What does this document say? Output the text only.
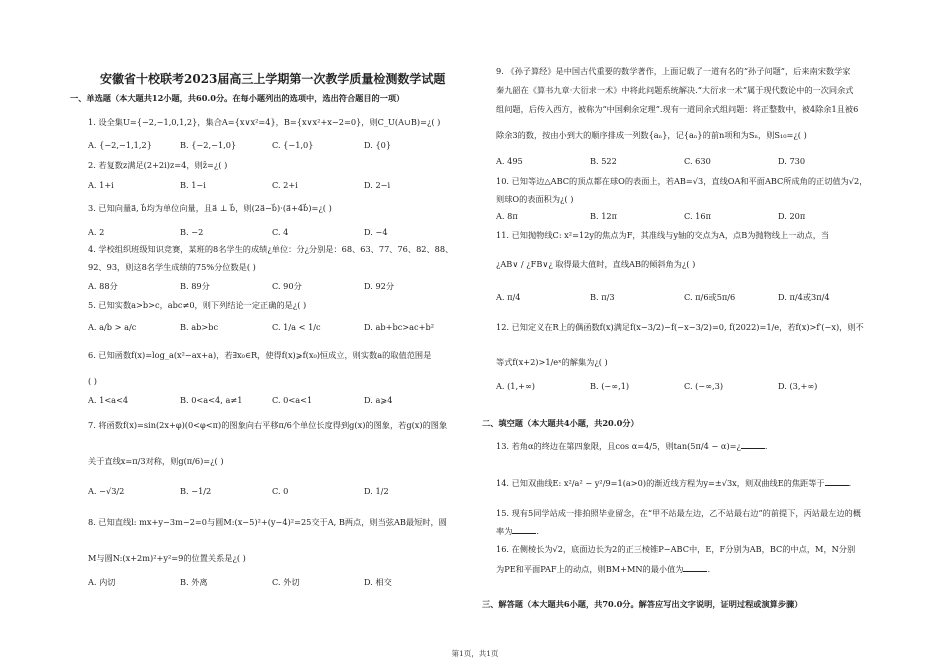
安徽省十校联考2023届高三上学期第一次教学质量检测数学试题
一、单选题（本大题共12小题，共60.0分。在每小题列出的选项中，选出符合题目的一项）
1. 设全集U={−2,−1,0,1,2}，集合A={x∨x²=4}，B={x∨x²+x−2=0}，则C_U(A∪B)=¿( )
A. {−2,−1,1,2}	B. {−2,−1,0}	C. {−1,0}	D. {0}
2. 若复数z满足(2+2i)z=4，则z̄=¿( )
A. 1+i	B. 1−i	C. 2+i	D. 2−i
3. 已知向量a⃗, b⃗均为单位向量，且a⃗ ⊥ b⃗，则(2a⃗−b⃗)·(a⃗+4b⃗)=¿( )
A. 2	B. −2	C. 4	D. −4
4. 学校组织班级知识竞赛，某班的8名学生的成绩¿单位：分¿分别是：68、63、77、76、82、88、
92、93，则这8名学生成绩的75%分位数是( )
A. 88分	B. 89分	C. 90分	D. 92分
5. 已知实数a>b>c，abc≠0，则下列结论一定正确的是¿( )
A. a/b > a/c	B. ab>bc	C. 1/a < 1/c	D. ab+bc>ac+b²
6. 已知函数f(x)=log_a(x²−ax+a)，若∃x₀∈R，使得f(x)⩾f(x₀)恒成立，则实数a的取值范围是
( )
A. 1<a<4	B. 0<a<4, a≠1	C. 0<a<1	D. a⩾4
7. 将函数f(x)=sin(2x+φ)(0<φ<π)的图象向右平移π/6个单位长度得到g(x)的图象，若g(x)的图象
关于直线x=π/3对称，则g(π/6)=¿( )
A. −√3/2	B. −1/2	C. 0	D. 1/2
8. 已知直线l: mx+y−3m−2=0与圆M:(x−5)²+(y−4)²=25交于A, B两点，则当弦AB最短时，圆
M与圆N:(x+2m)²+y²=9的位置关系是¿( )
A. 内切	B. 外离	C. 外切	D. 相交
9. 《孙子算经》是中国古代重要的数学著作，上面记载了一道有名的“孙子问题”，后来南宋数学家
秦九韶在《算书九章·大衍求一术》中将此问题系统解决.“大衍求一术”属于现代数论中的一次同余式
组问题，后传入西方，被称为“中国剩余定理”.现有一道同余式组问题：将正整数中，被4除余1且被6
除余3的数，按由小到大的顺序排成一列数{aₙ}，记{aₙ}的前n项和为Sₙ，则S₁₀=¿( )
A. 495	B. 522	C. 630	D. 730
10. 已知等边△ABC的顶点都在球O的表面上，若AB=√3，直线OA和平面ABC所成角的正切值为√2，
则球O的表面积为¿( )
A. 8π	B. 12π	C. 16π	D. 20π
11. 已知抛物线C: x²=12y的焦点为F，其准线与y轴的交点为A，点B为抛物线上一动点，当
¿AB∨ / ¿FB∨¿ 取得最大值时，直线AB的倾斜角为¿( )
A. π/4	B. π/3	C. π/6或5π/6	D. π/4或3π/4
12. 已知定义在R上的偶函数f(x)满足f(x−3/2)−f(−x−3/2)=0, f(2022)=1/e，若f(x)>f′(−x)，则不
等式f(x+2)>1/eˣ的解集为¿( )
A. (1,+∞)	B. (−∞,1)	C. (−∞,3)	D. (3,+∞)
二、填空题（本大题共4小题，共20.0分）
13. 若角α的终边在第四象限，且cos α=4/5，则tan(5π/4 − α)=¿	.
14. 已知双曲线E: x²/a² − y²/9=1(a>0)的渐近线方程为y=±√3x，则双曲线E的焦距等于	.
15. 现有5同学站成一排拍照毕业留念，在“甲不站最左边，乙不站最右边”的前提下，丙站最左边的概
率为	.
16. 在侧棱长为√2，底面边长为2的正三棱锥P−ABC中，E，F分别为AB，BC的中点，M，N分别
为PE和平面PAF上的动点，则BM+MN的最小值为	.
三、解答题（本大题共6小题，共70.0分。解答应写出文字说明，证明过程或演算步骤）
第1页，共1页
